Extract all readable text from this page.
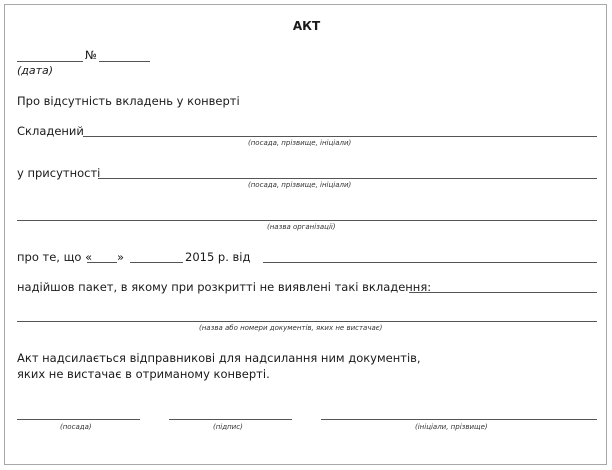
АКТ
№
(дата)
Про відсутність вкладень у конверті
Складений
(посада, прізвище, ініціали)
у присутності
(посада, прізвище, ініціали)
(назва організації)
про те, що « »	2015 р. від
надійшов пакет, в якому при розкритті не виявлені такі вкладення:
(назва або номери документів, яких не вистачає)
Акт надсилається відправникові для надсилання ним документів,
яких не вистачає в отриманому конверті.
(посада)	(підпис)	(ініціали, прізвище)
